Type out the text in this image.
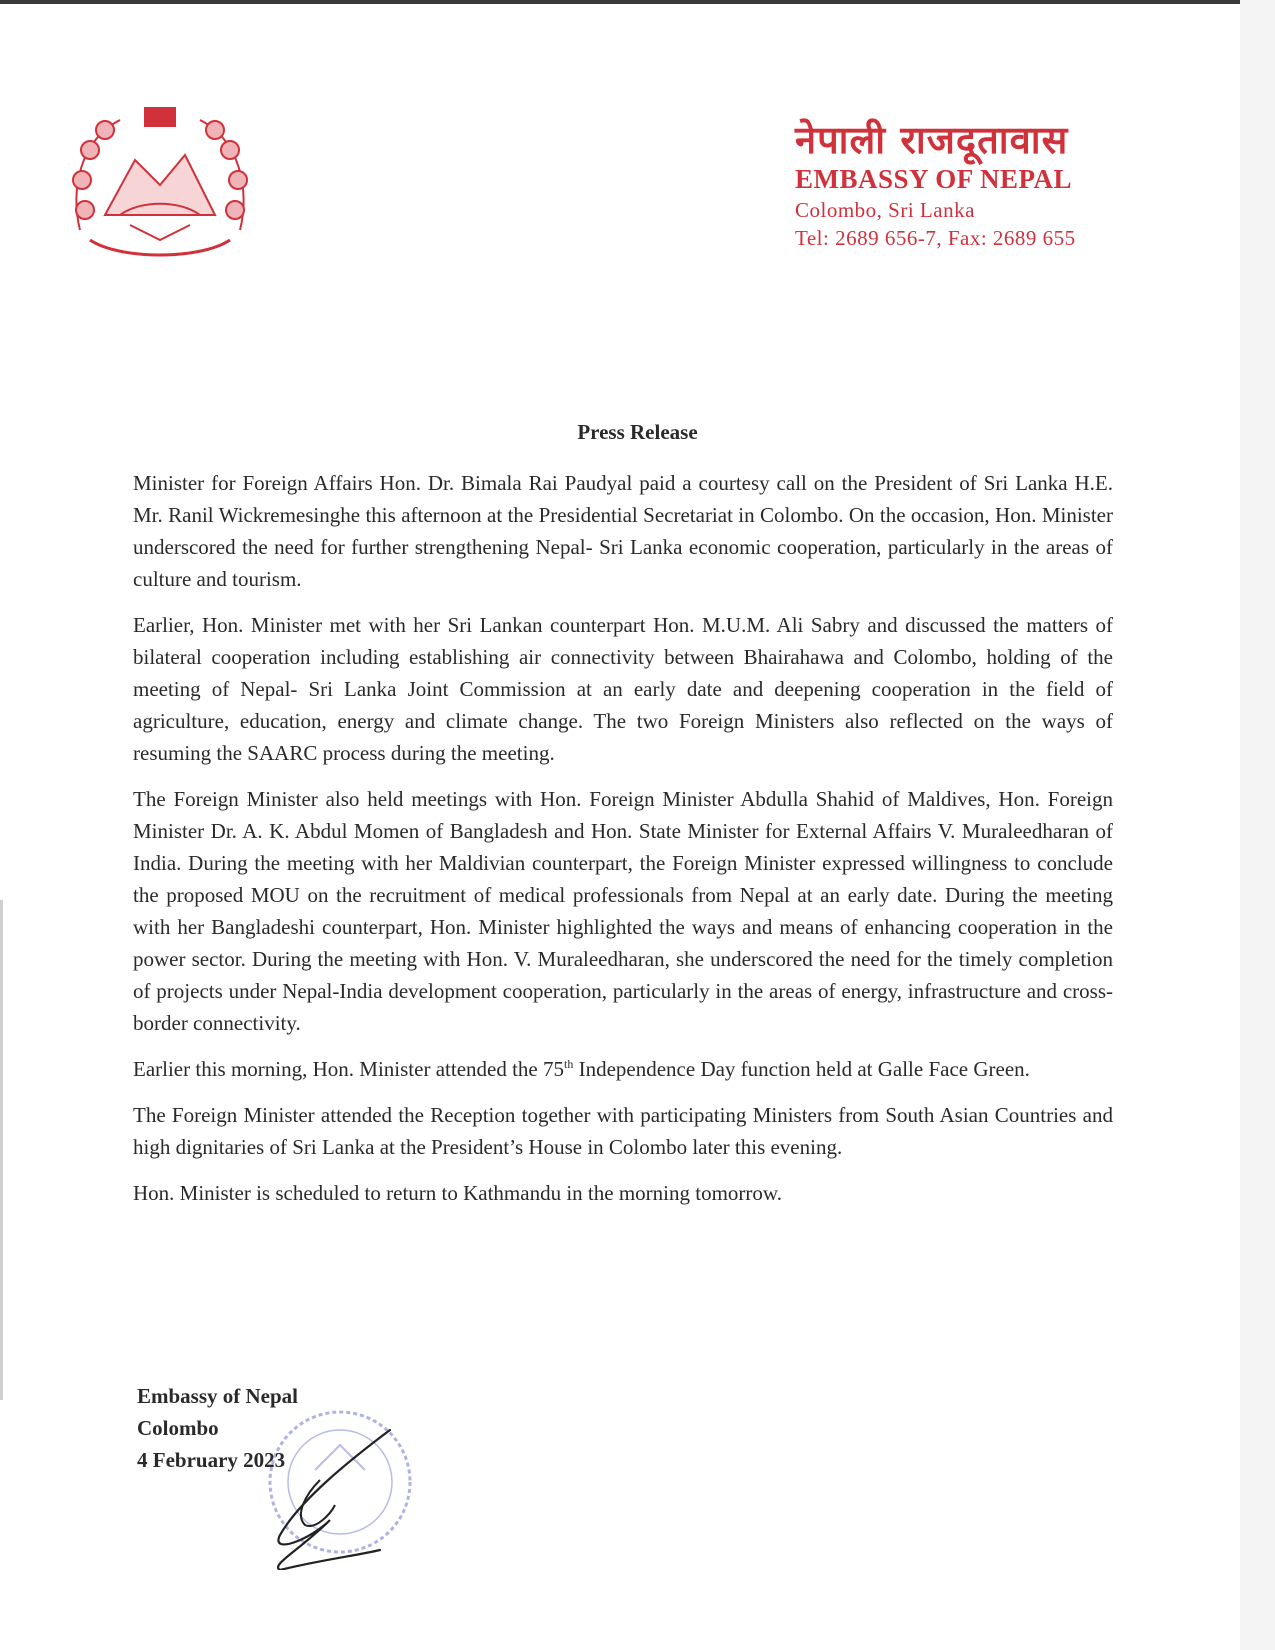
नेपाली राजदूतावास
EMBASSY OF NEPAL
Colombo, Sri Lanka
Tel: 2689 656-7, Fax: 2689 655
Press Release

Minister for Foreign Affairs Hon. Dr. Bimala Rai Paudyal paid a courtesy call on the President of Sri Lanka H.E. Mr. Ranil Wickremesinghe this afternoon at the Presidential Secretariat in Colombo. On the occasion, Hon. Minister underscored the need for further strengthening Nepal- Sri Lanka economic cooperation, particularly in the areas of culture and tourism.

Earlier, Hon. Minister met with her Sri Lankan counterpart Hon. M.U.M. Ali Sabry and discussed the matters of bilateral cooperation including establishing air connectivity between Bhairahawa and Colombo, holding of the meeting of Nepal- Sri Lanka Joint Commission at an early date and deepening cooperation in the field of agriculture, education, energy and climate change. The two Foreign Ministers also reflected on the ways of resuming the SAARC process during the meeting.

The Foreign Minister also held meetings with Hon. Foreign Minister Abdulla Shahid of Maldives, Hon. Foreign Minister Dr. A. K. Abdul Momen of Bangladesh and Hon. State Minister for External Affairs V. Muraleedharan of India. During the meeting with her Maldivian counterpart, the Foreign Minister expressed willingness to conclude the proposed MOU on the recruitment of medical professionals from Nepal at an early date. During the meeting with her Bangladeshi counterpart, Hon. Minister highlighted the ways and means of enhancing cooperation in the power sector. During the meeting with Hon. V. Muraleedharan, she underscored the need for the timely completion of projects under Nepal-India development cooperation, particularly in the areas of energy, infrastructure and cross-border connectivity.

Earlier this morning, Hon. Minister attended the 75th Independence Day function held at Galle Face Green.

The Foreign Minister attended the Reception together with participating Ministers from South Asian Countries and high dignitaries of Sri Lanka at the President’s House in Colombo later this evening.

Hon. Minister is scheduled to return to Kathmandu in the morning tomorrow.

Embassy of Nepal
Colombo
4 February 2023
